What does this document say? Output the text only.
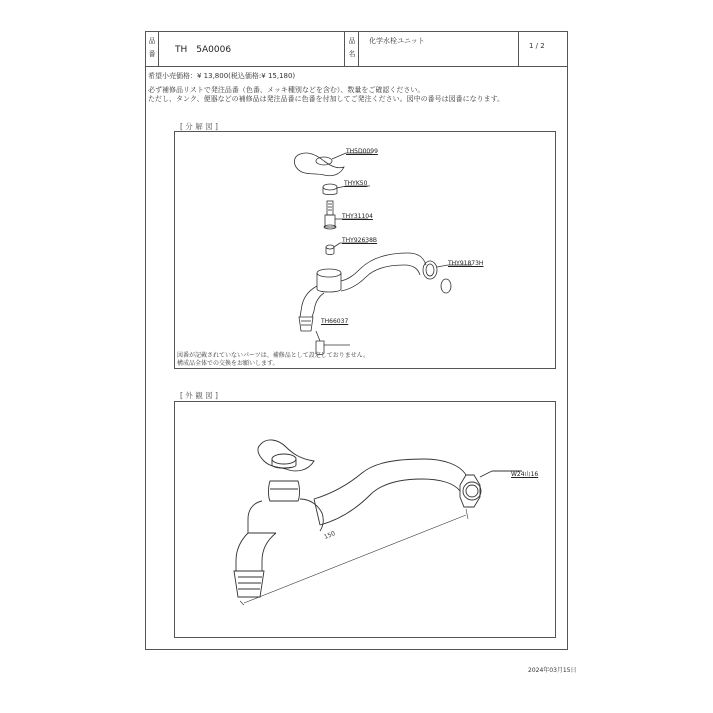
品
番 TH　5A0006
品
名
化学水栓ユニット
1 / 2
希望小売価格：¥ 13,800(税込価格:¥ 15,180)
必ず補修品リストで発注品番（色番、メッキ種別などを含む）、数量をご確認ください。
ただし、タンク、便器などの補修品は発注品番に色番を付加してご発注ください。図中の番号は図番になります。
[ 分 解 図 ]
TH5D0099
THYK50
THY31104
THY92638B
THY91873H
TH66037
図番が記載されていないパーツは、補修品として設定しておりません。
構成品全体での交換をお願いします。
[ 外 観 図 ]
150
W24山16
2024年03月15日
